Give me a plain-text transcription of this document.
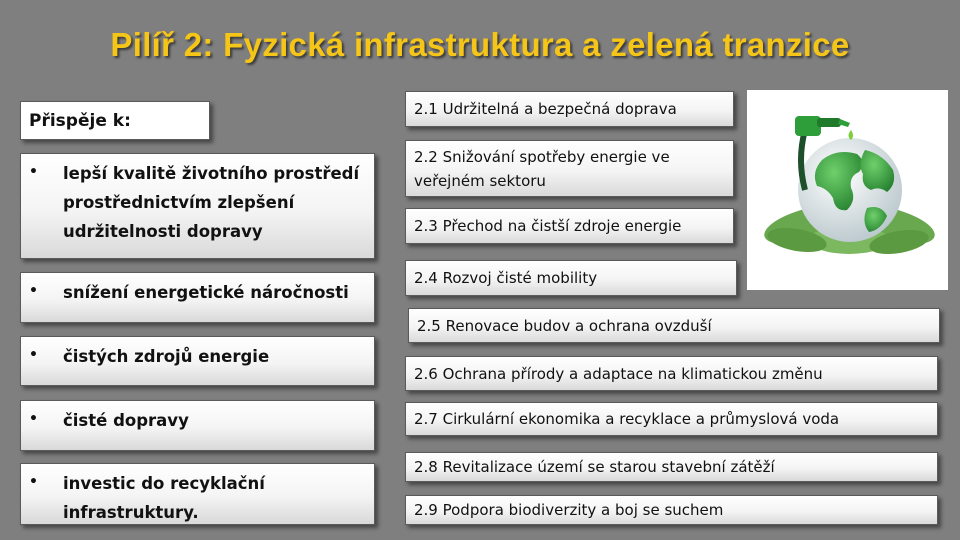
Pilíř 2: Fyzická infrastruktura a zelená tranzice
Přispěje k:
• lepší kvalitě životního prostředí prostřednictvím zlepšení udržitelnosti dopravy
• snížení energetické náročnosti
• čistých zdrojů energie
• čisté dopravy
• investic do recyklační infrastruktury.
2.1 Udržitelná a bezpečná doprava
2.2 Snižování spotřeby energie ve veřejném sektoru
2.3 Přechod na čistší zdroje energie
2.4 Rozvoj čisté mobility
2.5 Renovace budov a ochrana ovzduší
2.6 Ochrana přírody a adaptace na klimatickou změnu
2.7 Cirkulární ekonomika a recyklace a průmyslová voda
2.8 Revitalizace území se starou stavební zátěží
2.9 Podpora biodiverzity a boj se suchem
